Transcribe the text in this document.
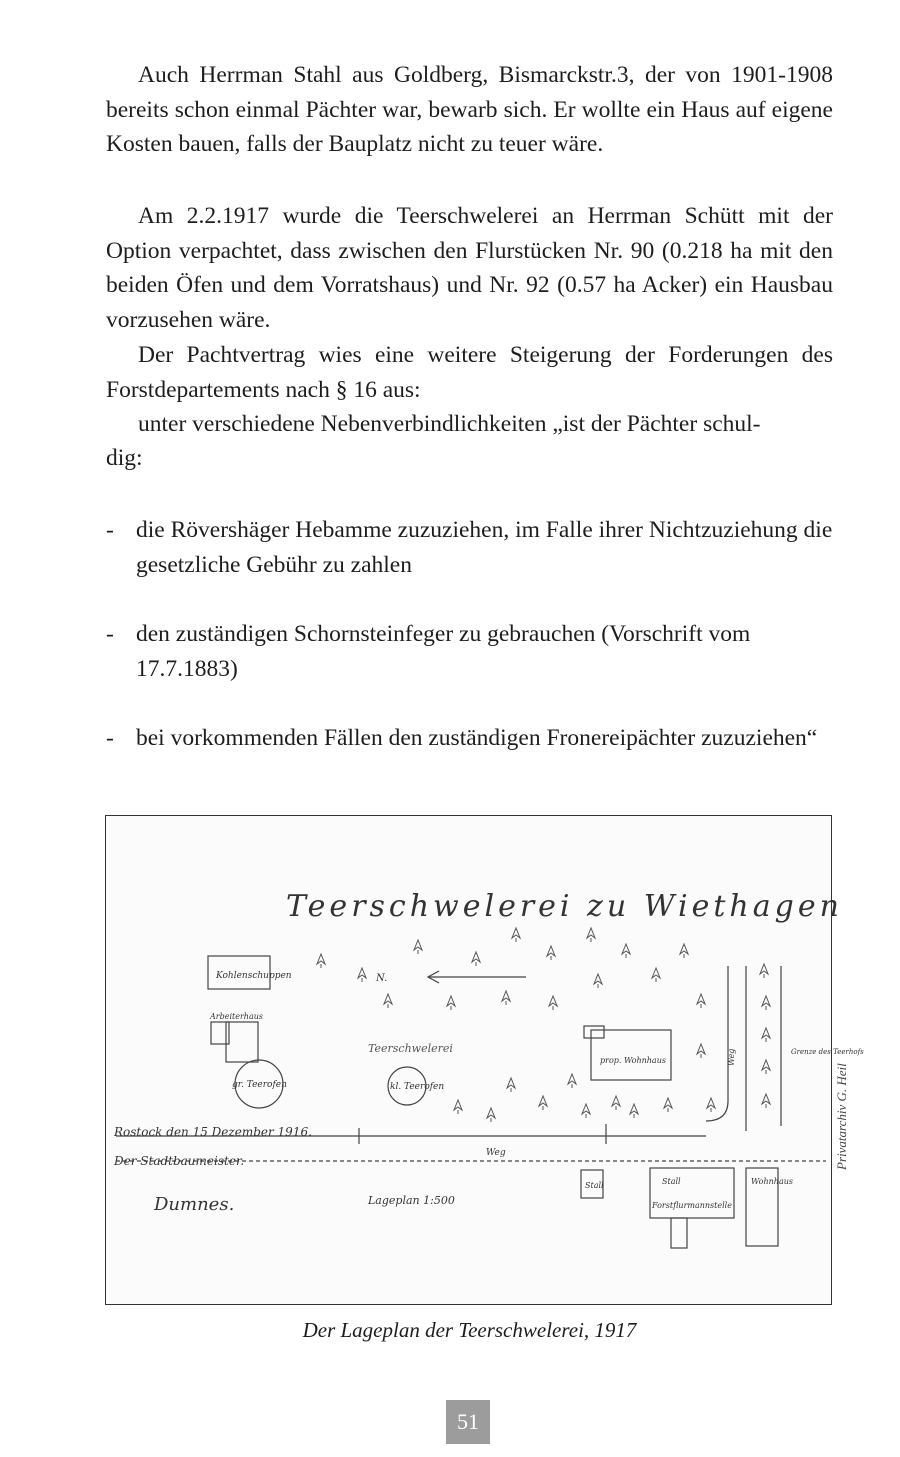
Auch Herrman Stahl aus Goldberg, Bismarckstr.3, der von 1901-1908 bereits schon einmal Pächter war, bewarb sich. Er wollte ein Haus auf eigene Kosten bauen, falls der Bauplatz nicht zu teuer wäre.

Am 2.2.1917 wurde die Teerschwelerei an Herrman Schütt mit der Option verpachtet, dass zwischen den Flurstücken Nr. 90 (0.218 ha mit den beiden Öfen und dem Vorratshaus) und Nr. 92 (0.57 ha Acker) ein Hausbau vorzusehen wäre.

Der Pachtvertrag wies eine weitere Steigerung der Forderungen des Forstdepartements nach § 16 aus:

unter verschiedene Nebenverbindlichkeiten „ist der Pächter schul-
dig:
- die Rövershäger Hebamme zuzuziehen, im Falle ihrer Nichtzuziehung die gesetzliche Gebühr zu zahlen
- den zuständigen Schornsteinfeger zu gebrauchen (Vorschrift vom 17.7.1883)
- bei vorkommenden Fällen den zuständigen Fronereipächter zuzuziehen“
Teerschwelerei zu Wiethagen
Kohlenschuppen
Arbeiterhaus
gr. Teerofen	kl. Teerofen
Teerschwelerei
N.
prop. Wohnhaus	Weg	Grenze des Teerhofs
Weg
Stall	Stall
Forstflurmannstelle
Wohnhaus
Rostock den 15 Dezember 1916.
Der Stadtbaumeister.
Dumnes.	Lageplan 1:500
Privatarchiv G. Heil
Der Lageplan der Teerschwelerei, 1917
51
